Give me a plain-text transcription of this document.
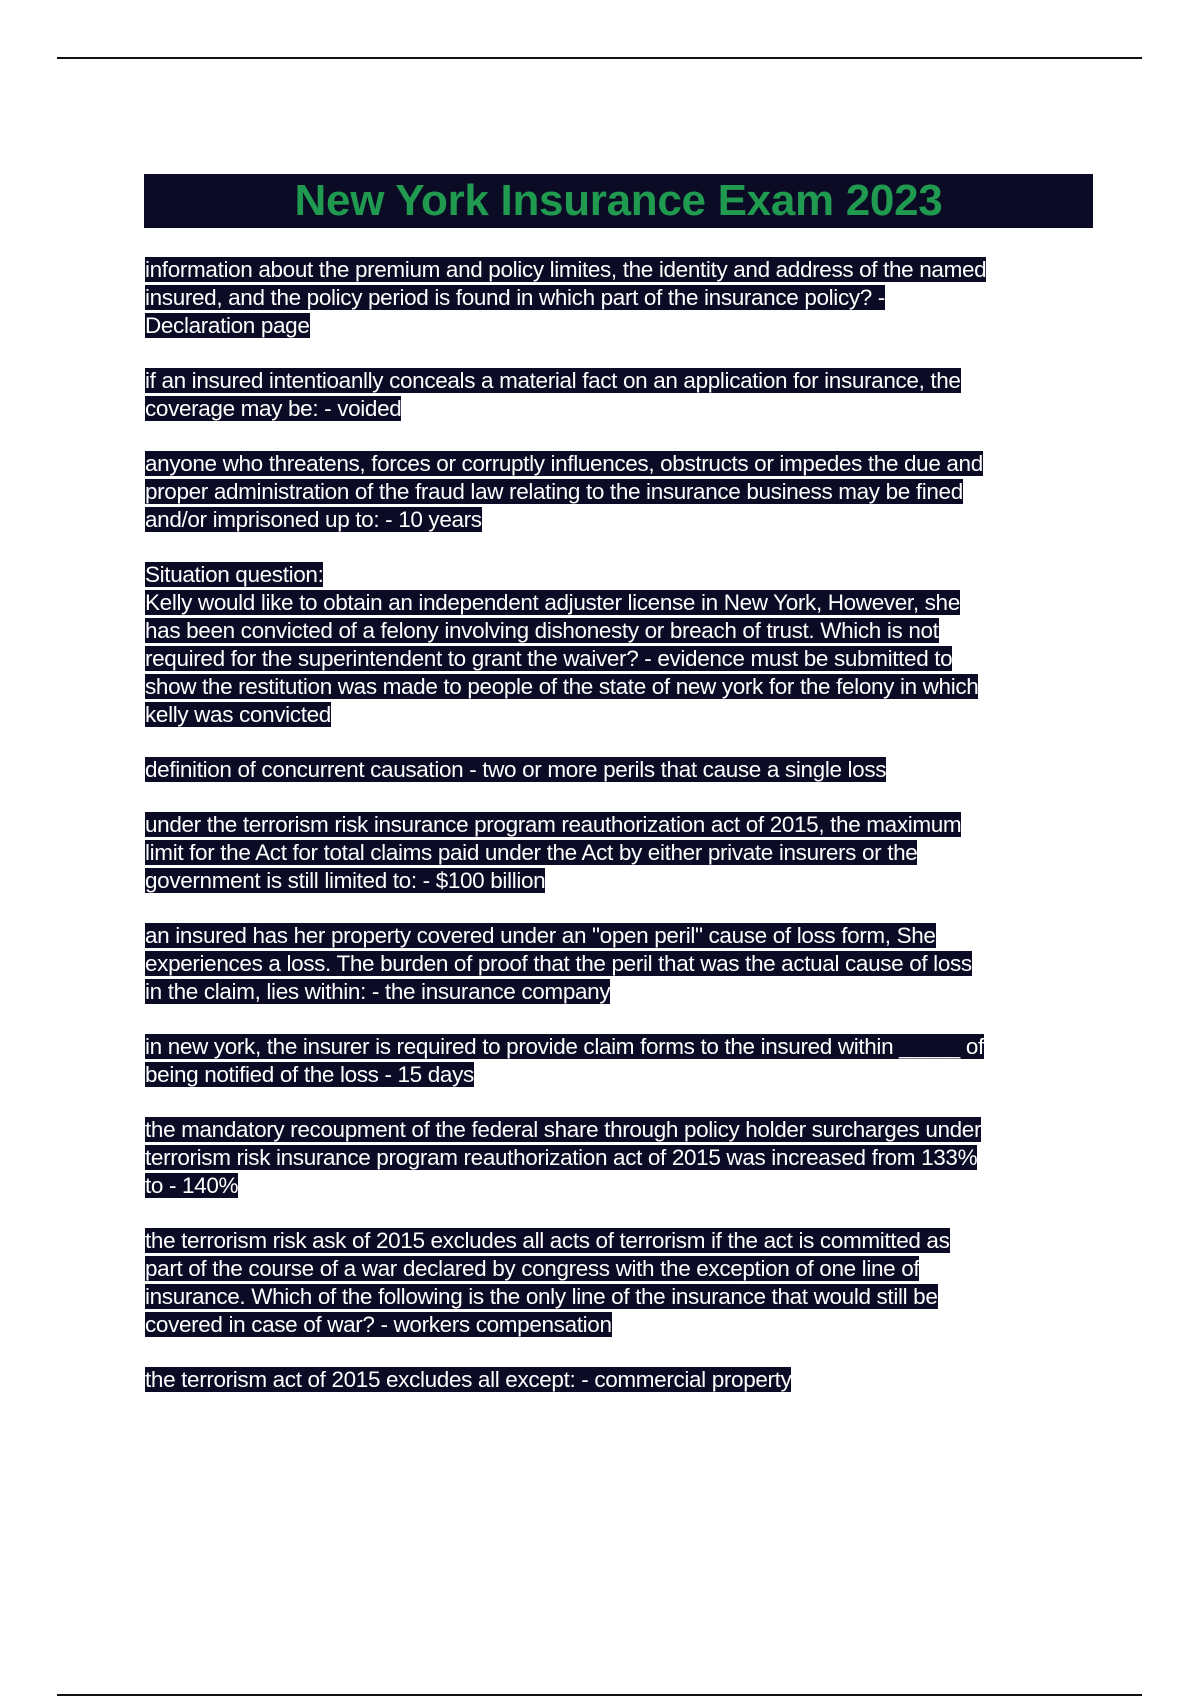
New York Insurance Exam 2023
information about the premium and policy limites, the identity and address of the named
insured, and the policy period is found in which part of the insurance policy? -
Declaration page
if an insured intentioanlly conceals a material fact on an application for insurance, the
coverage may be: - voided
anyone who threatens, forces or corruptly influences, obstructs or impedes the due and
proper administration of the fraud law relating to the insurance business may be fined
and/or imprisoned up to: - 10 years
Situation question:
Kelly would like to obtain an independent adjuster license in New York, However, she
has been convicted of a felony involving dishonesty or breach of trust. Which is not
required for the superintendent to grant the waiver? - evidence must be submitted to
show the restitution was made to people of the state of new york for the felony in which
kelly was convicted
definition of concurrent causation - two or more perils that cause a single loss
under the terrorism risk insurance program reauthorization act of 2015, the maximum
limit for the Act for total claims paid under the Act by either private insurers or the
government is still limited to: - $100 billion
an insured has her property covered under an "open peril" cause of loss form, She
experiences a loss. The burden of proof that the peril that was the actual cause of loss
in the claim, lies within: - the insurance company
in new york, the insurer is required to provide claim forms to the insured within _____ of
being notified of the loss - 15 days
the mandatory recoupment of the federal share through policy holder surcharges under
terrorism risk insurance program reauthorization act of 2015 was increased from 133%
to - 140%
the terrorism risk ask of 2015 excludes all acts of terrorism if the act is committed as
part of the course of a war declared by congress with the exception of one line of
insurance. Which of the following is the only line of the insurance that would still be
covered in case of war? - workers compensation
the terrorism act of 2015 excludes all except: - commercial property
